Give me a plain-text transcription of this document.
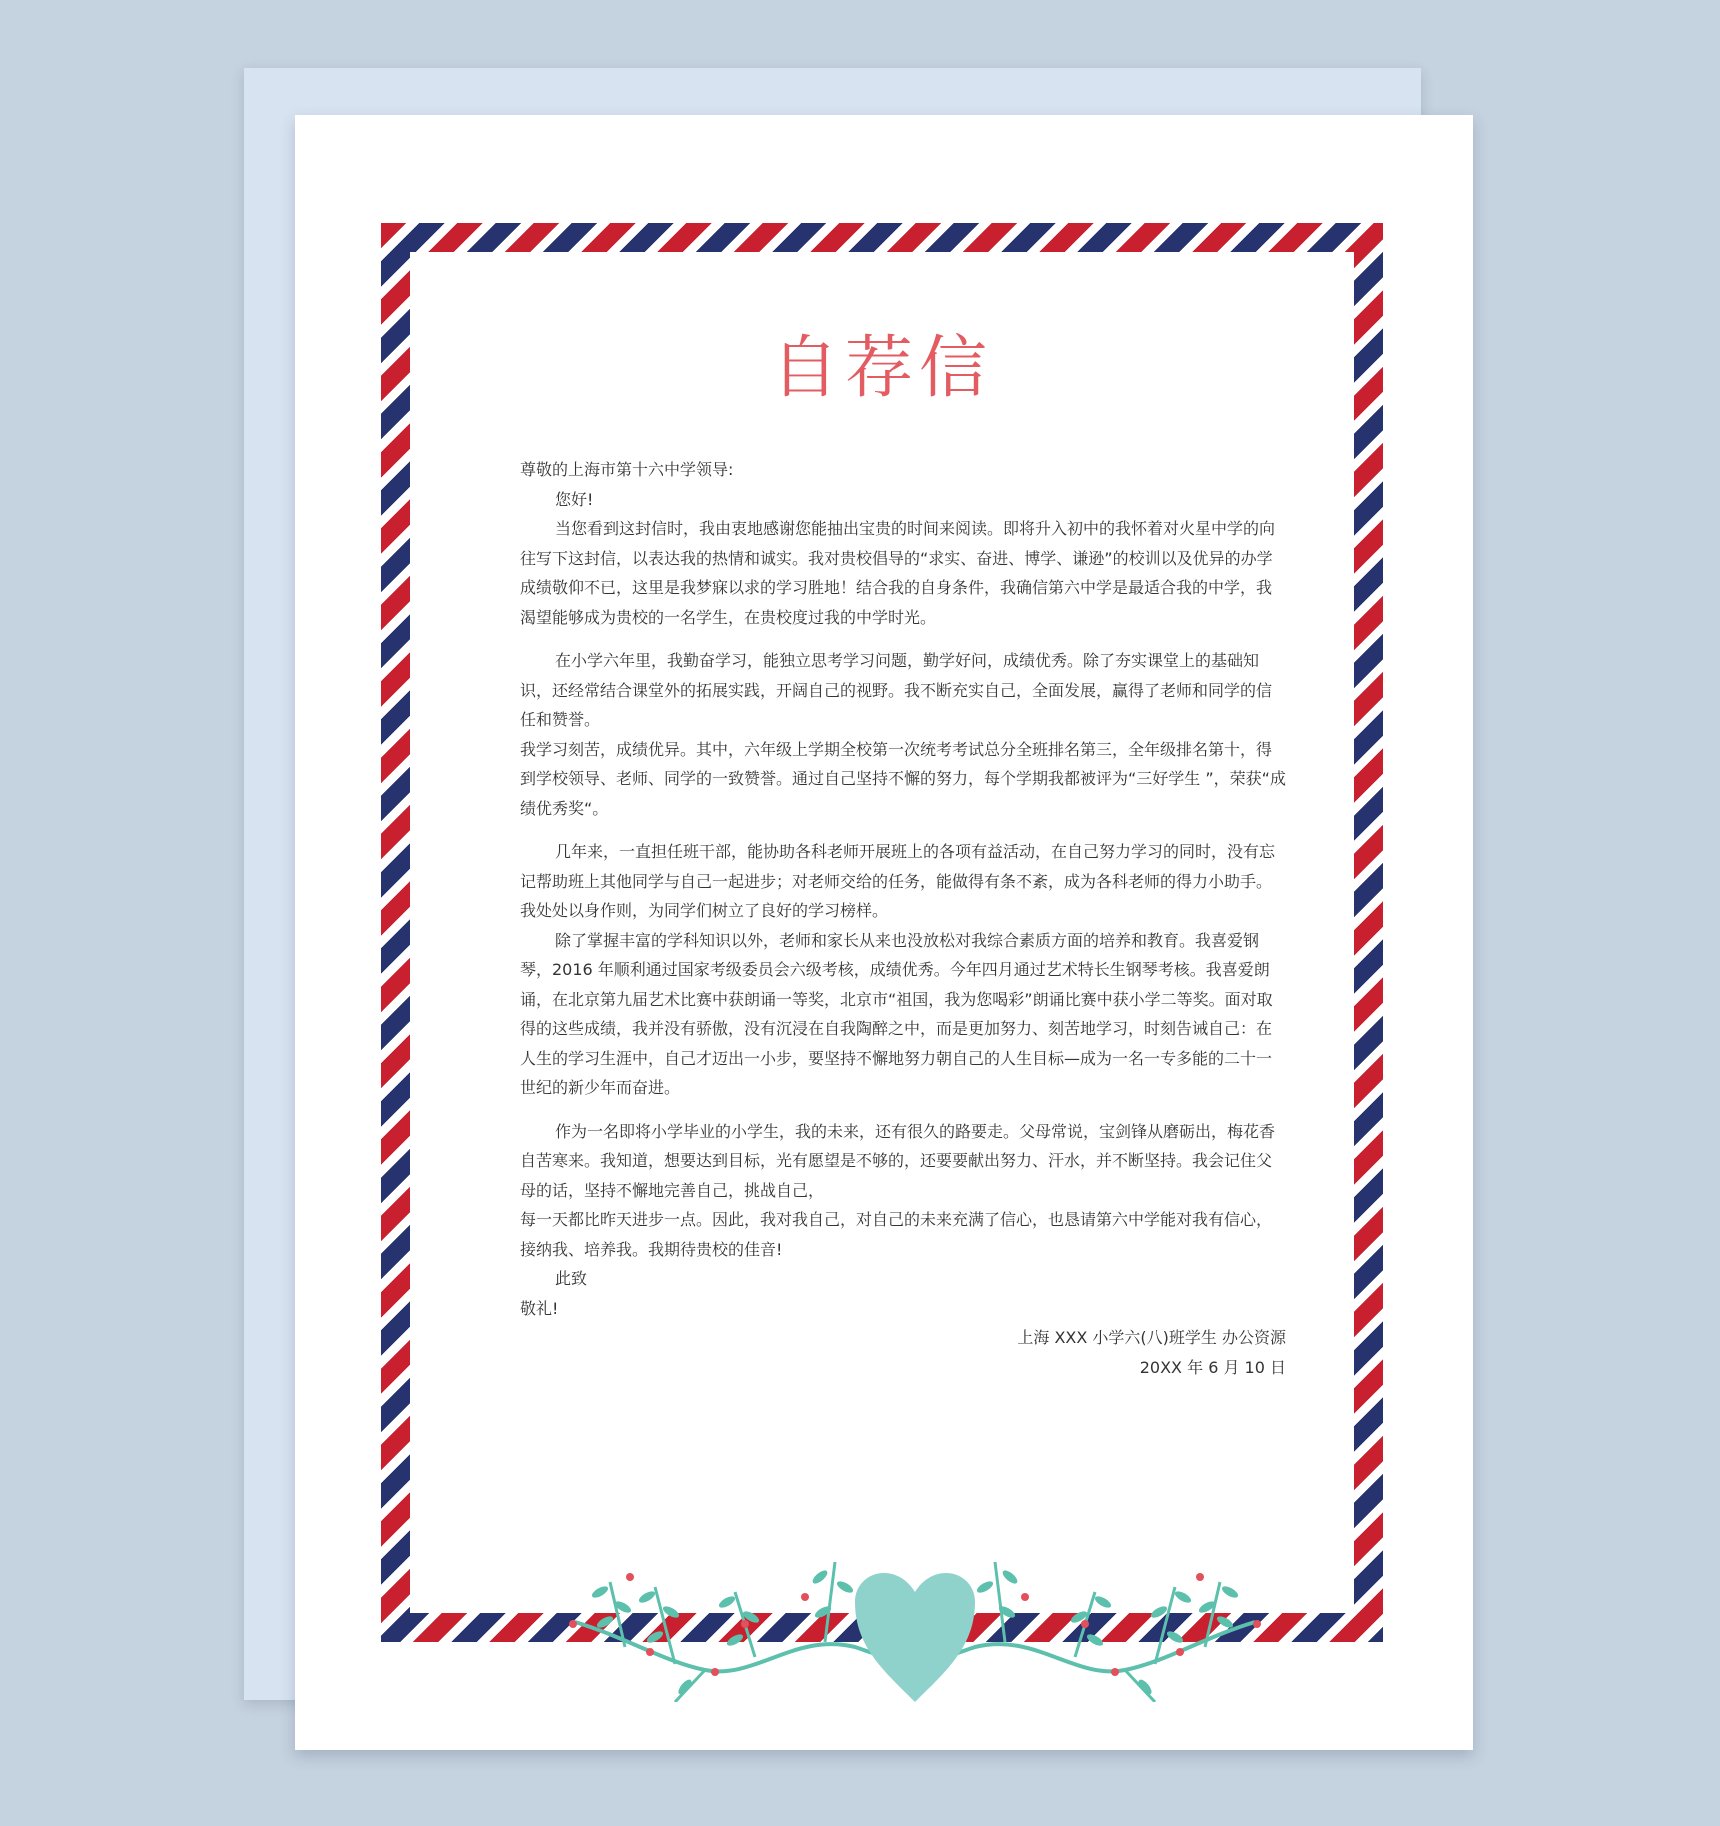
自荐信

尊敬的上海市第十六中学领导:

您好!

当您看到这封信时，我由衷地感谢您能抽出宝贵的时间来阅读。即将升入初中的我怀着对火星中学的向往写下这封信，以表达我的热情和诚实。我对贵校倡导的“求实、奋进、博学、谦逊”的校训以及优异的办学成绩敬仰不已，这里是我梦寐以求的学习胜地！结合我的自身条件，我确信第六中学是最适合我的中学，我渴望能够成为贵校的一名学生，在贵校度过我的中学时光。

在小学六年里，我勤奋学习，能独立思考学习问题，勤学好问，成绩优秀。除了夯实课堂上的基础知识，还经常结合课堂外的拓展实践，开阔自己的视野。我不断充实自己，全面发展，赢得了老师和同学的信任和赞誉。

我学习刻苦，成绩优异。其中，六年级上学期全校第一次统考考试总分全班排名第三，全年级排名第十，得到学校领导、老师、同学的一致赞誉。通过自己坚持不懈的努力，每个学期我都被评为“三好学生 ”，荣获“成绩优秀奖“。

几年来，一直担任班干部，能协助各科老师开展班上的各项有益活动，在自己努力学习的同时，没有忘记帮助班上其他同学与自己一起进步；对老师交给的任务，能做得有条不紊，成为各科老师的得力小助手。我处处以身作则，为同学们树立了良好的学习榜样。

除了掌握丰富的学科知识以外，老师和家长从来也没放松对我综合素质方面的培养和教育。我喜爱钢琴，2016 年顺利通过国家考级委员会六级考核，成绩优秀。今年四月通过艺术特长生钢琴考核。我喜爱朗诵，在北京第九届艺术比赛中获朗诵一等奖，北京市“祖国，我为您喝彩”朗诵比赛中获小学二等奖。面对取得的这些成绩，我并没有骄傲，没有沉浸在自我陶醉之中，而是更加努力、刻苦地学习，时刻告诫自己：在人生的学习生涯中，自己才迈出一小步，要坚持不懈地努力朝自己的人生目标—成为一名一专多能的二十一世纪的新少年而奋进。

作为一名即将小学毕业的小学生，我的未来，还有很久的路要走。父母常说，宝剑锋从磨砺出，梅花香自苦寒来。我知道，想要达到目标，光有愿望是不够的，还要要献出努力、汗水，并不断坚持。我会记住父母的话，坚持不懈地完善自己，挑战自己，

每一天都比昨天进步一点。因此，我对我自己，对自己的未来充满了信心，也恳请第六中学能对我有信心，接纳我、培养我。我期待贵校的佳音!

此致

敬礼!

上海 XXX 小学六(八)班学生 办公资源

20XX 年 6 月 10 日
